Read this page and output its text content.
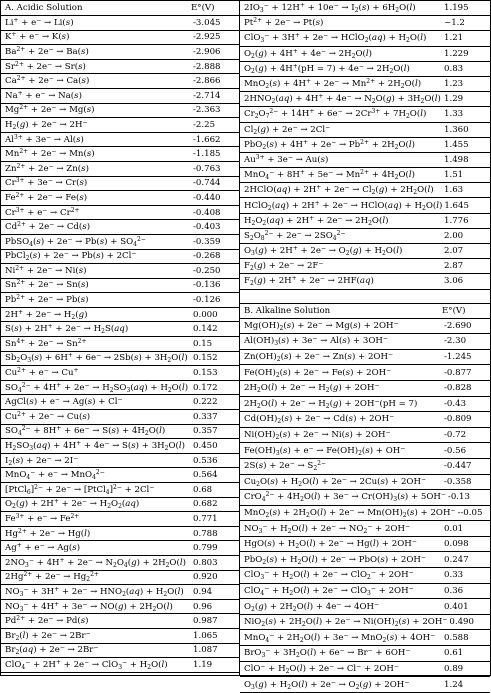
A. Acidic Solution	E°(V)
Li+ + e− → Li(s)	-3.045
K+ + e− → K(s)	-2.925
$Ba^{2+} + 2e^- \to Ba(s)$	-2.906
$Sr^{2+} + 2e^- \to Sr(s)$	-2.888
$Ca^{2+} + 2e^- \to Ca(s)$	-2.866
Na+ + e− → Na(s)	-2.714
$Mg^{2+} + 2e^- \to Mg(s)$	-2.363
$H_2(g) + 2e^- \to 2H^-$	-2.25
$Al^{3+} + 3e^- \to Al(s)$	-1.662
$Mn^{2+} + 2e^- \to Mn(s)$	-1.185
$Zn^{2+} + 2e^- \to Zn(s)$	-0.763
$Cr^{3+} + 3e^- \to Cr(s)$	-0.744
$Fe^{2+} + 2e^- \to Fe(s)$	-0.440
$Cr^{3+} + e^- \to Cr^{2+}$	-0.408
$Cd^{2+} + 2e^- \to Cd(s)$	-0.403
PbSO$_4$(s) + $2e^- \to Pb(s) + SO_4^{2-}$	-0.359
PbCl$_2$(s) + 2e− → Pb(s) + 2Cl−	-0.268
$Ni^{2+} + 2e^- \to Ni(s)$	-0.250
$Sn^{2+} + 2e^- \to Sn(s)$	-0.136
$Pb^{2+} + 2e^- \to Pb(s)$	-0.126
$2H^+ + 2e^- \to H_2(g)$	0.000
$S(s) + 2H^+ + 2e^- \to H_2S(aq)$	0.142
$Sn^{4+} + 2e^- \to Sn^{2+}$	0.15
$Sb_2O_3(s) + 6H^+ + 6e^- \to 2Sb(s) + 3H_2O(l)$ 0.152
$Cu^{2+} + e^- \to Cu^+$	0.153
$SO_4^{2-} + 4H^+ + 2e^- \to H_2SO_3(aq) + H_2O(l)$ 0.172
AgCl(s) + e− → Ag(s) + Cl−	0.222
$Cu^{2+} + 2e^- \to Cu(s)$	0.337
$SO_4^{2-} + 8H^+ + 6e^- \to S(s) + 4H_2O(l)$	0.357
$H_2SO_3(aq) + 4H^+ + 4e^- \to S(s) + 3H_2O(l)$ 0.450
$I_2(s) + 2e^- \to 2I^-$	0.536
MnO$_4$− + e− → MnO$_4^{2-}$	0.564
[PtCl$_6$]$^{2-}$ + 2e− → [PtCl$_4$]$^{2-}$ + 2Cl−	0.68
$O_2(g) + 2H^+ + 2e^- \to H_2O_2(aq)$	0.682
$Fe^{3+} + e^- \to Fe^{2+}$	0.771
$Hg^{2+} + 2e^- \to Hg(l)$	0.788
Ag+ + e− → Ag(s)	0.799
$2NO_3^- + 4H^+ + 2e^- \to N_2O_4(g) + 2H_2O(l)$ 0.803
$2Hg^{2+} + 2e^- \to Hg_2^{2+}$	0.920
$NO_3^- + 3H^+ + 2e^- \to HNO_2(aq) + H_2O(l)$	0.94
$NO_3^- + 4H^+ + 3e^- \to NO(g) + 2H_2O(l)$	0.96
$Pd^{2+} + 2e^- \to Pd(s)$	0.987
$Br_2(l) + 2e^- \to 2Br^-$	1.065
$Br_2(aq) + 2e^- \to 2Br^-$	1.087
$ClO_4^- + 2H^+ + 2e^- \to ClO_3^- + H_2O(l)$	1.19
$2IO_3^- + 12H^+ + 10e^- \to I_2(s) + 6H_2O(l)$	1.195
$Pt^{2+} + 2e^- \to Pt(s)$	~1.2
ClO$_3$− + 3H+ + 2e− → HClO$_2$(aq) + $H_2O(l)$	1.21
$O_2(g) + 4H^+ + 4e^- \to 2H_2O(l)$	1.229
$O_2(g) + 4H^+(pH = 7) + 4e^- \to 2H_2O(l)$	0.83
$MnO_2(s) + 4H^+ + 2e^- \to Mn^{2+} + 2H_2O(l)$	1.23
$2HNO_2(aq) + 4H^+ + 4e^- \to N_2O(g) + 3H_2O(l)$ 1.29
$Cr_2O_7^{2-} + 14H^+ + 6e^- \to 2Cr^{3+} + 7H_2O(l)$	1.33
$Cl_2(g) + 2e^- \to 2Cl^-$	1.360
$PbO_2(s) + 4H^+ + 2e^- \to Pb^{2+} + 2H_2O(l)$	1.455
$Au^{3+} + 3e^- \to Au(s)$	1.498
$MnO_4^- + 8H^+ + 5e^- \to Mn^{2+} + 4H_2O(l)$	1.51
2HClO(aq) + $2H^+ + 2e^- \to Cl_2(g) + 2H_2O(l)$	1.63
HClO$_2$(aq) + 2H+ + 2e− → HClO(aq) + $H_2O(l)$ 1.645
$H_2O_2(aq) + 2H^+ + 2e^- \to 2H_2O(l)$	1.776
$S_2O_8^{2-} + 2e^- \to 2SO_4^{2-}$	2.00
$O_3(g) + 2H^+ + 2e^- \to O_2(g) + H_2O(l)$	2.07
$F_2(g) + 2e^- \to 2F^-$	2.87
$F_2(g) + 2H^+ + 2e^- \to 2HF(aq)$	3.06
B. Alkaline Solution	E°(V)
$Mg(OH)_2(s) + 2e^- \to Mg(s) + 2OH^-$	-2.690
$Al(OH)_3(s) + 3e^- \to Al(s) + 3OH^-$	-2.30
$Zn(OH)_2(s) + 2e^- \to Zn(s) + 2OH^-$	-1.245
$Fe(OH)_2(s) + 2e^- \to Fe(s) + 2OH^-$	-0.877
$2H_2O(l) + 2e^- \to H_2(g) + 2OH^-$	-0.828
$2H_2O(l) + 2e^- \to H_2(g) + 2OH^-(pH = 7)$	-0.43
$Cd(OH)_2(s) + 2e^- \to Cd(s) + 2OH^-$	-0.809
$Ni(OH)_2(s) + 2e^- \to Ni(s) + 2OH^-$	-0.72
$Fe(OH)_3(s) + e^- \to Fe(OH)_2(s) + OH^-$	-0.56
$2S(s) + 2e^- \to S_2^{2-}$	-0.447
$Cu_2O(s) + H_2O(l) + 2e^- \to 2Cu(s) + 2OH^-$	-0.358
$CrO_4^{2-} + 4H_2O(l) + 3e^- \to Cr(OH)_3(s) + 5OH^-$ -0.13
$MnO_2(s) + 2H_2O(l) + 2e^- \to Mn(OH)_2(s) + 2OH^-$ --0.05
$NO_3^- + H_2O(l) + 2e^- \to NO_2^- + 2OH^-$	0.01
$HgO(s) + H_2O(l) + 2e^- \to Hg(l) + 2OH^-$	0.098
$PbO_2(s) + H_2O(l) + 2e^- \to PbO(s) + 2OH^-$	0.247
$ClO_3^- + H_2O(l) + 2e^- \to ClO_2^- + 2OH^-$	0.33
$ClO_4^- + H_2O(l) + 2e^- \to ClO_3^- + 2OH^-$	0.36
$O_2(g) + 2H_2O(l) + 4e^- \to 4OH^-$	0.401
$NiO_2(s) + 2H_2O(l) + 2e^- \to Ni(OH)_2(s) + 2OH^-$ 0.490
$MnO_4^- + 2H_2O(l) + 3e^- \to MnO_2(s) + 4OH^-$	0.588
$BrO_3^- + 3H_2O(l) + 6e^- \to Br^- + 6OH^-$	0.61
$ClO^- + H_2O(l) + 2e^- \to Cl^- + 2OH^-$	0.89
$O_3(g) + H_2O(l) + 2e^- \to O_2(g) + 2OH^-$	1.24
